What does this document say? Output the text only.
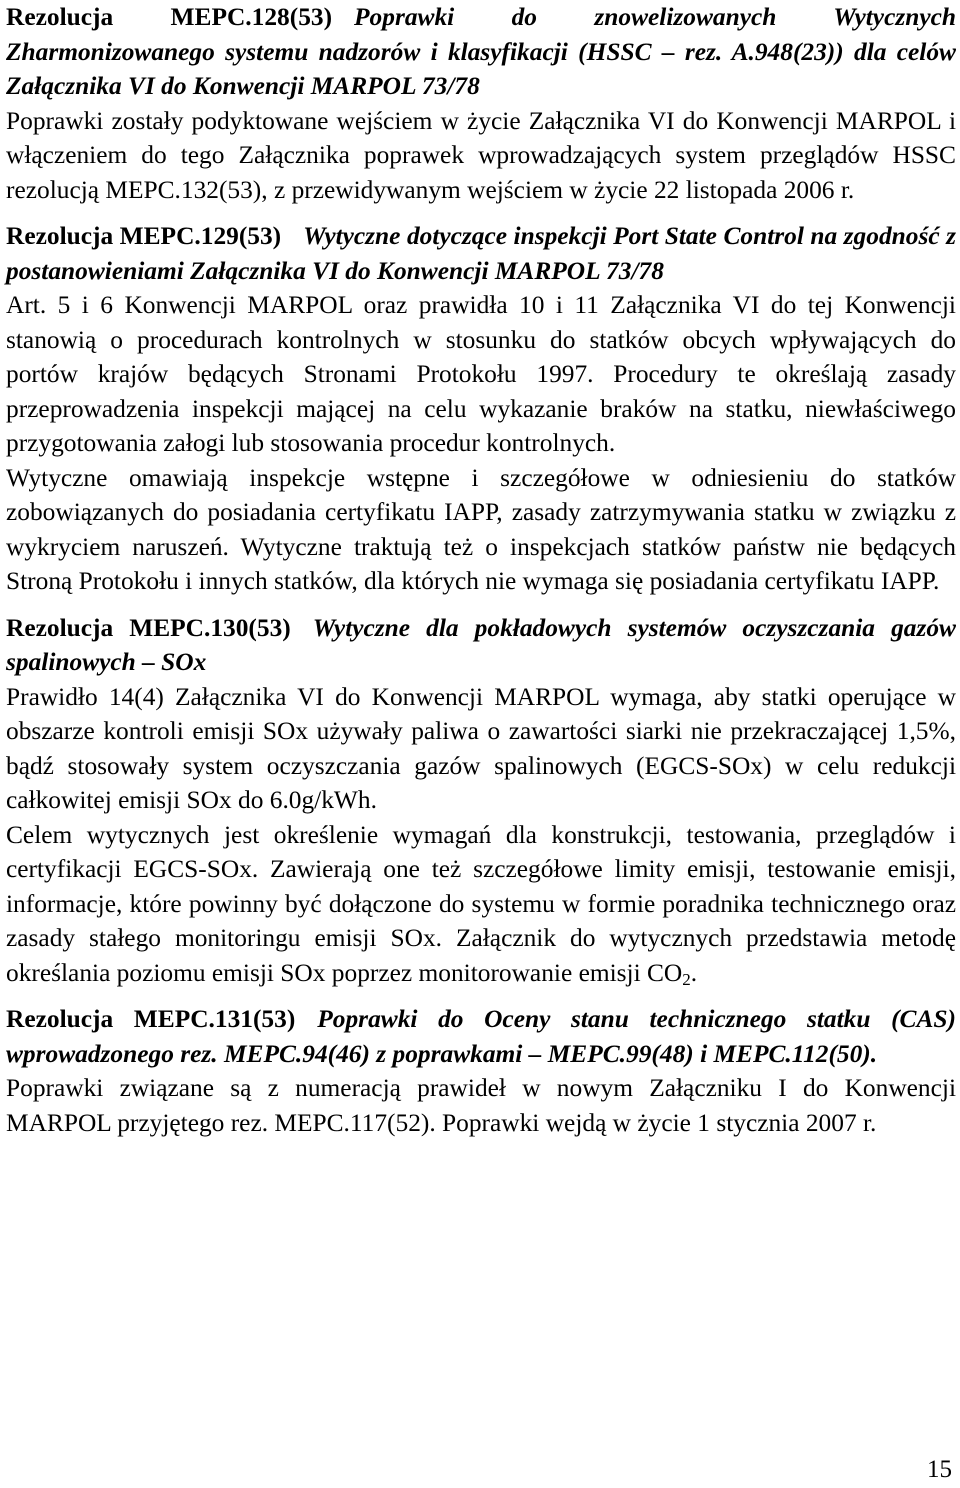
Rezolucja MEPC.128(53) Poprawki do znowelizowanych Wytycznych Zharmonizowanego systemu nadzorów i klasyfikacji (HSSC – rez. A.948(23)) dla celów Załącznika VI do Konwencji MARPOL 73/78

Poprawki zostały podyktowane wejściem w życie Załącznika VI do Konwencji MARPOL i włączeniem do tego Załącznika poprawek wprowadzających system przeglądów HSSC rezolucją MEPC.132(53), z przewidywanym wejściem w życie 22 listopada 2006 r.

Rezolucja MEPC.129(53) Wytyczne dotyczące inspekcji Port State Control na zgodność z postanowieniami Załącznika VI do Konwencji MARPOL 73/78

Art. 5 i 6 Konwencji MARPOL oraz prawidła 10 i 11 Załącznika VI do tej Konwencji stanowią o procedurach kontrolnych w stosunku do statków obcych wpływających do portów krajów będących Stronami Protokołu 1997. Procedury te określają zasady przeprowadzenia inspekcji mającej na celu wykazanie braków na statku, niewłaściwego przygotowania załogi lub stosowania procedur kontrolnych.

Wytyczne omawiają inspekcje wstępne i szczegółowe w odniesieniu do statków zobowiązanych do posiadania certyfikatu IAPP, zasady zatrzymywania statku w związku z wykryciem naruszeń. Wytyczne traktują też o inspekcjach statków państw nie będących Stroną Protokołu i innych statków, dla których nie wymaga się posiadania certyfikatu IAPP.

Rezolucja MEPC.130(53) Wytyczne dla pokładowych systemów oczyszczania gazów spalinowych – SOx

Prawidło 14(4) Załącznika VI do Konwencji MARPOL wymaga, aby statki operujące w obszarze kontroli emisji SOx używały paliwa o zawartości siarki nie przekraczającej 1,5%, bądź stosowały system oczyszczania gazów spalinowych (EGCS-SOx) w celu redukcji całkowitej emisji SOx do 6.0g/kWh.

Celem wytycznych jest określenie wymagań dla konstrukcji, testowania, przeglądów i certyfikacji EGCS-SOx. Zawierają one też szczegółowe limity emisji, testowanie emisji, informacje, które powinny być dołączone do systemu w formie poradnika technicznego oraz zasady stałego monitoringu emisji SOx. Załącznik do wytycznych przedstawia metodę określania poziomu emisji SOx poprzez monitorowanie emisji $CO_2$.

Rezolucja MEPC.131(53) Poprawki do Oceny stanu technicznego statku (CAS) wprowadzonego rez. MEPC.94(46) z poprawkami – MEPC.99(48) i MEPC.112(50).

Poprawki związane są z numeracją prawideł w nowym Załączniku I do Konwencji MARPOL przyjętego rez. MEPC.117(52). Poprawki wejdą w życie 1 stycznia 2007 r.

15
